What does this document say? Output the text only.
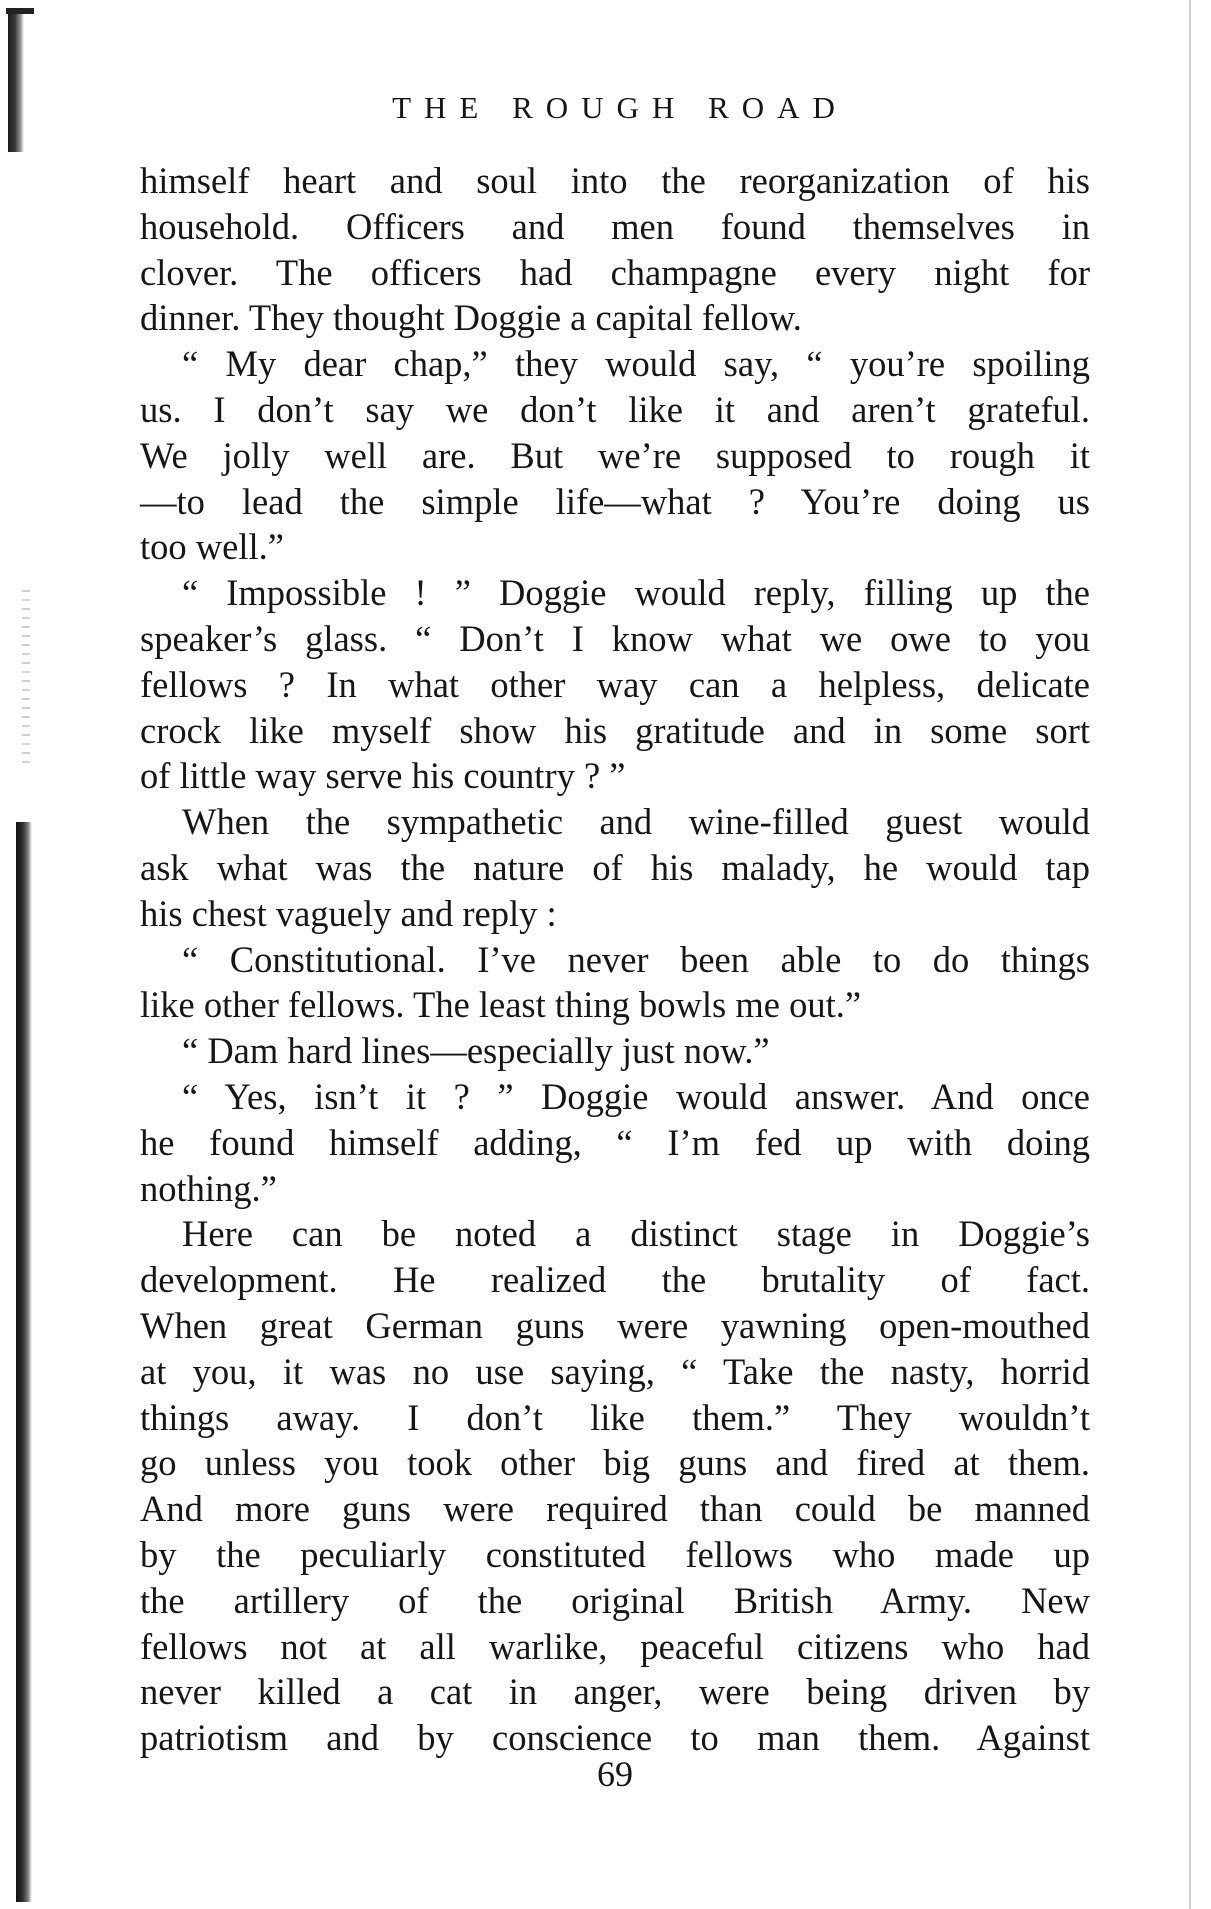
THE ROUGH ROAD
himself heart and soul into the reorganization of his
household. Officers and men found themselves in
clover. The officers had champagne every night for
dinner. They thought Doggie a capital fellow.
“ My dear chap,” they would say, “ you’re spoiling
us. I don’t say we don’t like it and aren’t grateful.
We jolly well are. But we’re supposed to rough it
—to lead the simple life—what ? You’re doing us
too well.”
“ Impossible ! ” Doggie would reply, filling up the
speaker’s glass. “ Don’t I know what we owe to you
fellows ? In what other way can a helpless, delicate
crock like myself show his gratitude and in some sort
of little way serve his country ? ”
When the sympathetic and wine-filled guest would
ask what was the nature of his malady, he would tap
his chest vaguely and reply :
“ Constitutional. I’ve never been able to do things
like other fellows. The least thing bowls me out.”
“ Dam hard lines—especially just now.”
“ Yes, isn’t it ? ” Doggie would answer. And once
he found himself adding, “ I’m fed up with doing
nothing.”
Here can be noted a distinct stage in Doggie’s
development. He realized the brutality of fact.
When great German guns were yawning open-mouthed
at you, it was no use saying, “ Take the nasty, horrid
things away. I don’t like them.” They wouldn’t
go unless you took other big guns and fired at them.
And more guns were required than could be manned
by the peculiarly constituted fellows who made up
the artillery of the original British Army. New
fellows not at all warlike, peaceful citizens who had
never killed a cat in anger, were being driven by
patriotism and by conscience to man them. Against
69
